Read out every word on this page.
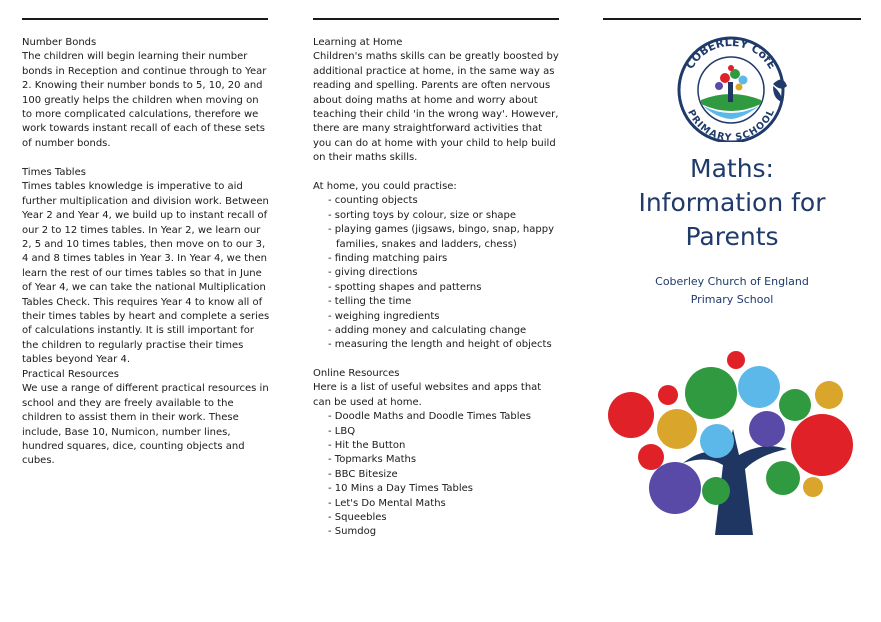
Number Bonds

The children will begin learning their number bonds in Reception and continue through to Year 2. Knowing their number bonds to 5, 10, 20 and 100 greatly helps the children when moving on to more complicated calculations, therefore we work towards instant recall of each of these sets of number bonds.

Times Tables

Times tables knowledge is imperative to aid further multiplication and division work. Between Year 2 and Year 4, we build up to instant recall of our 2 to 12 times tables. In Year 2, we learn our 2, 5 and 10 times tables, then move on to our 3, 4 and 8 times tables in Year 3. In Year 4, we then learn the rest of our times tables so that in June of Year 4, we can take the national Multiplication Tables Check. This requires Year 4 to know all of their times tables by heart and complete a series of calculations instantly. It is still important for the children to regularly practise their times tables beyond Year 4.

Practical Resources

We use a range of different practical resources in school and they are freely available to the children to assist them in their work. These include, Base 10, Numicon, number lines, hundred squares, dice, counting objects and cubes.

Learning at Home

Children's maths skills can be greatly boosted by additional practice at home, in the same way as reading and spelling. Parents are often nervous about doing maths at home and worry about teaching their child 'in the wrong way'. However, there are many straightforward activities that you can do at home with your child to help build on their maths skills.

At home, you could practise:

- counting objects
- sorting toys by colour, size or shape
- playing games (jigsaws, bingo, snap, happy families, snakes and ladders, chess)
- finding matching pairs
- giving directions
- spotting shapes and patterns
- telling the time
- weighing ingredients
- adding money and calculating change
- measuring the length and height of objects

Online Resources

Here is a list of useful websites and apps that can be used at home.

- Doodle Maths and Doodle Times Tables
- LBQ
- Hit the Button
- Topmarks Maths
- BBC Bitesize
- 10 Mins a Day Times Tables
- Let's Do Mental Maths
- Squeebles
- Sumdog
COBERLEY CofE
PRIMARY SCHOOL
Maths:
Information for
Parents
Coberley Church of England
Primary School
